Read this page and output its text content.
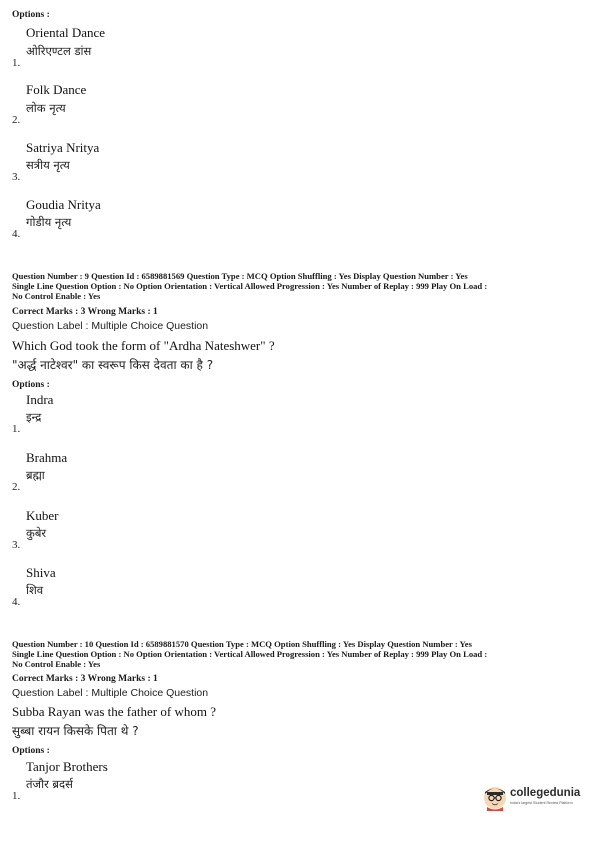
Options :
Oriental Dance
ओरिएण्टल डांस
1.
Folk Dance
लोक नृत्य
2.
Satriya Nritya
सत्रीय नृत्य
3.
Goudia Nritya
गोडीय नृत्य
4.
Question Number : 9 Question Id : 6589881569 Question Type : MCQ Option Shuffling : Yes Display Question Number : Yes
Single Line Question Option : No Option Orientation : Vertical Allowed Progression : Yes Number of Replay : 999 Play On Load :
No Control Enable : Yes
Correct Marks : 3 Wrong Marks : 1
Question Label : Multiple Choice Question
Which God took the form of "Ardha Nateshwer" ?
"अर्द्ध नाटेश्वर" का स्वरूप किस देवता का है ?
Options :
Indra
इन्द्र
1.
Brahma
ब्रह्मा
2.
Kuber
कुबेर
3.
Shiva
शिव
4.
Question Number : 10 Question Id : 6589881570 Question Type : MCQ Option Shuffling : Yes Display Question Number : Yes
Single Line Question Option : No Option Orientation : Vertical Allowed Progression : Yes Number of Replay : 999 Play On Load :
No Control Enable : Yes
Correct Marks : 3 Wrong Marks : 1
Question Label : Multiple Choice Question
Subba Rayan was the father of whom ?
सुब्बा रायन किसके पिता थे ?
Options :
Tanjor Brothers
तंजौर ब्रदर्स
1.	collegedunia
India's largest Student Review Platform
